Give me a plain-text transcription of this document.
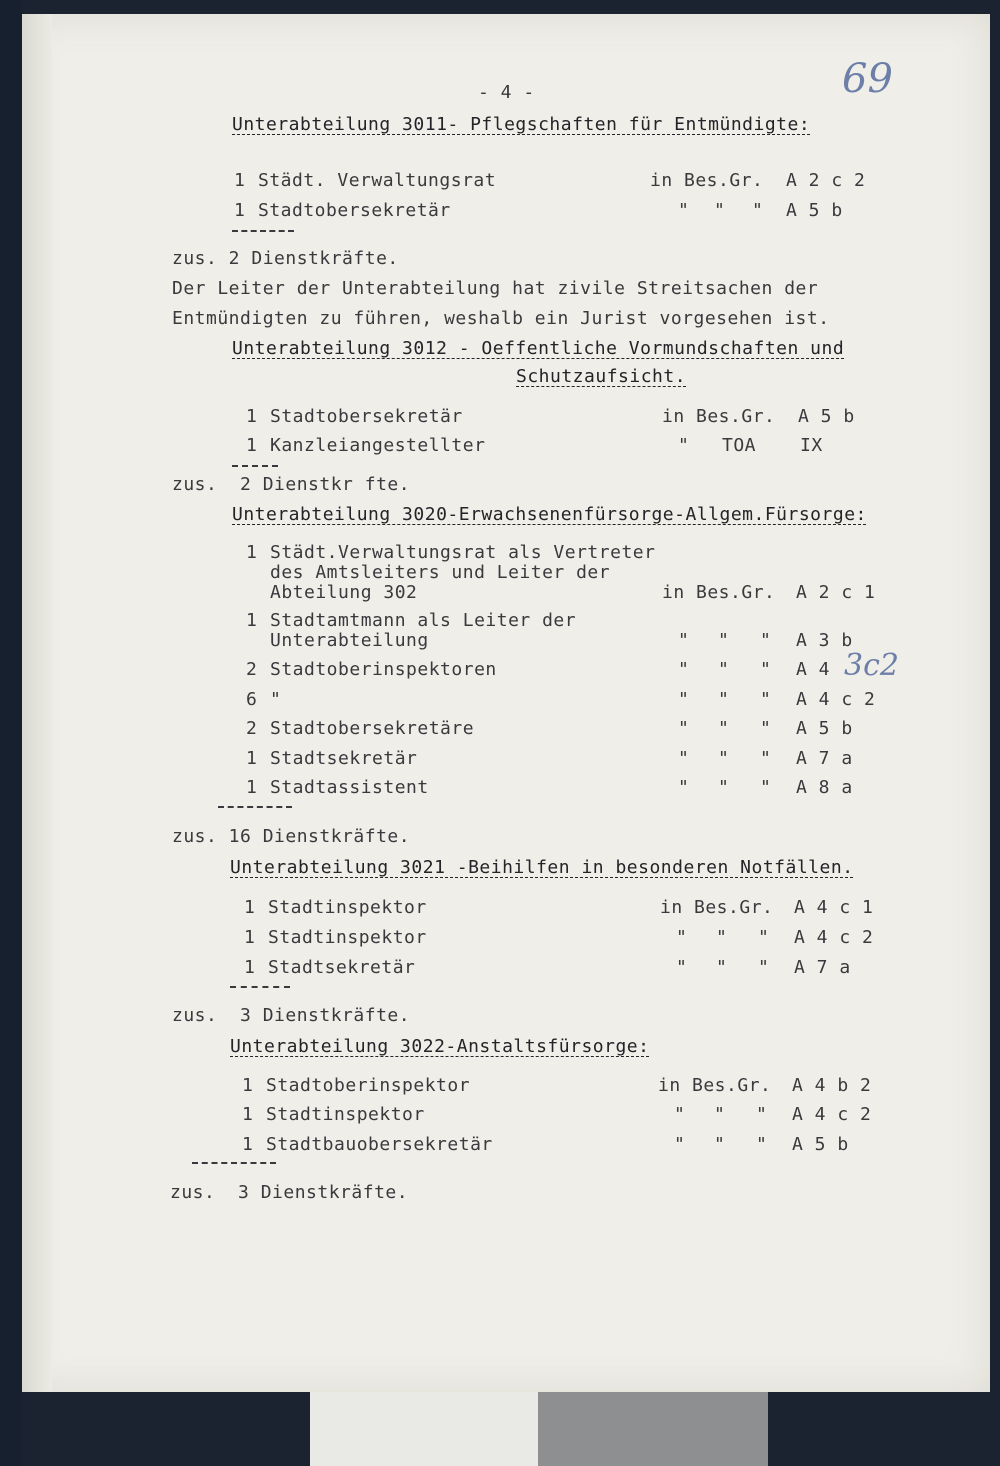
- 4 -	69
Unterabteilung 3011- Pflegschaften für Entmündigte:
1 Städt. Verwaltungsrat	in Bes.Gr. A 2 c 2
1 Stadtobersekretär	" " " A 5 b
zus. 2 Dienstkräfte.
Der Leiter der Unterabteilung hat zivile Streitsachen der
Entmündigten zu führen, weshalb ein Jurist vorgesehen ist.
Unterabteilung 3012 - Oeffentliche Vormundschaften und
Schutzaufsicht.
1 Stadtobersekretär	in Bes.Gr. A 5 b
1 Kanzleiangestellter	" TOA IX
zus.  2 Dienstkr fte.
Unterabteilung 3020-Erwachsenenfürsorge-Allgem.Fürsorge:
1 Städt.Verwaltungsrat als Vertreter
des Amtsleiters und Leiter der
Abteilung 302	in Bes.Gr. A 2 c 1
1 Stadtamtmann als Leiter der
Unterabteilung	" " " A 3 b
2 Stadtoberinspektoren	" " " A 4 3c2
6 "	" " " A 4 c 2
2 Stadtobersekretäre	" " " A 5 b
1 Stadtsekretär	" " " A 7 a
1 Stadtassistent	" " " A 8 a
zus. 16 Dienstkräfte.
Unterabteilung 3021 -Beihilfen in besonderen Notfällen.
1 Stadtinspektor	in Bes.Gr. A 4 c 1
1 Stadtinspektor	" " " A 4 c 2
1 Stadtsekretär	" " " A 7 a
zus.  3 Dienstkräfte.
Unterabteilung 3022-Anstaltsfürsorge:
1 Stadtoberinspektor	in Bes.Gr. A 4 b 2
1 Stadtinspektor	" " " A 4 c 2
1 Stadtbauobersekretär	" " " A 5 b
zus.  3 Dienstkräfte.
